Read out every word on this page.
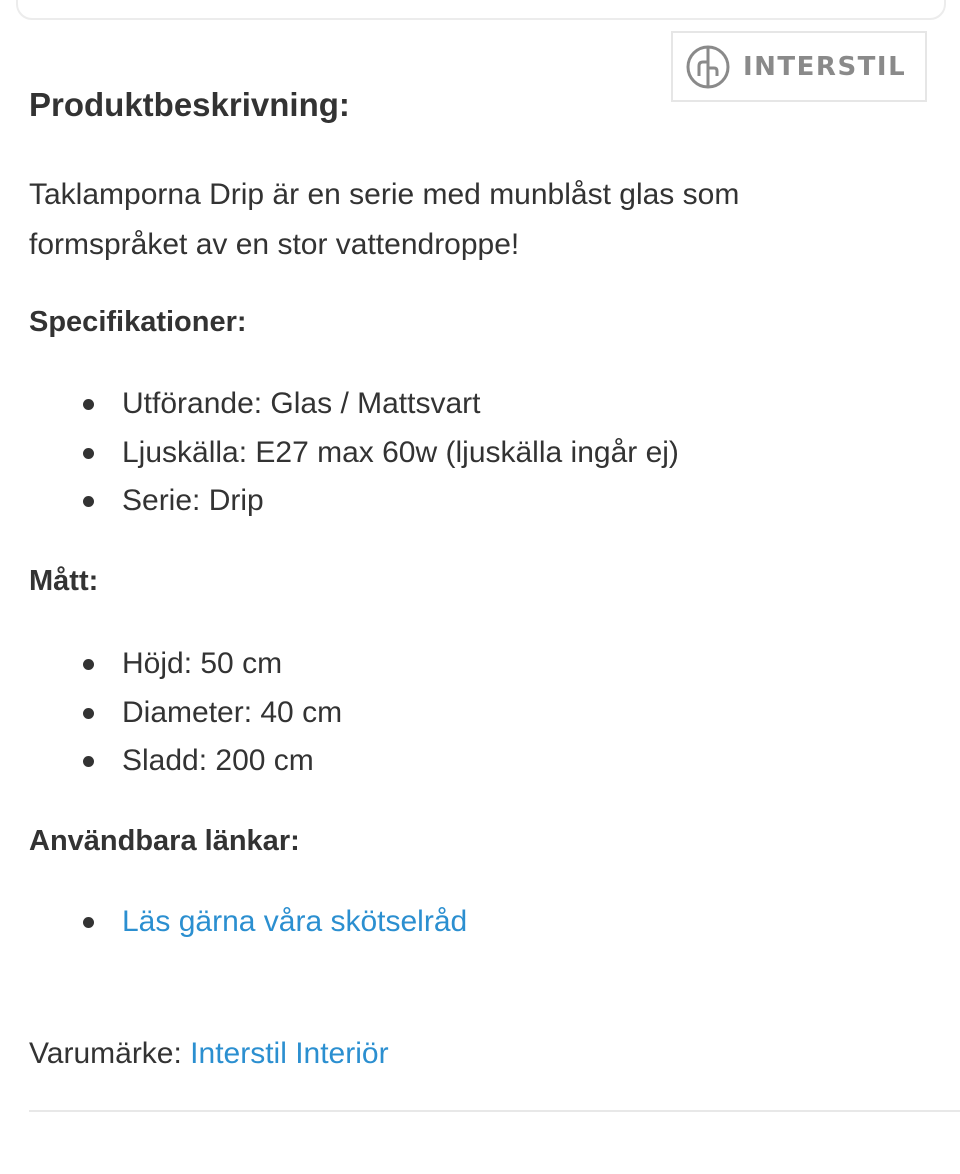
INTERSTIL
Produktbeskrivning:

Taklamporna Drip är en serie med munblåst glas som formspråket av en stor vattendroppe!

Specifikationer:
Utförande: Glas / Mattsvart
Ljuskälla: E27 max 60w (ljuskälla ingår ej)
Serie: Drip
Mått:
Höjd: 50 cm
Diameter: 40 cm
Sladd: 200 cm
Användbara länkar:
Läs gärna våra skötselråd
Varumärke: Interstil Interiör
